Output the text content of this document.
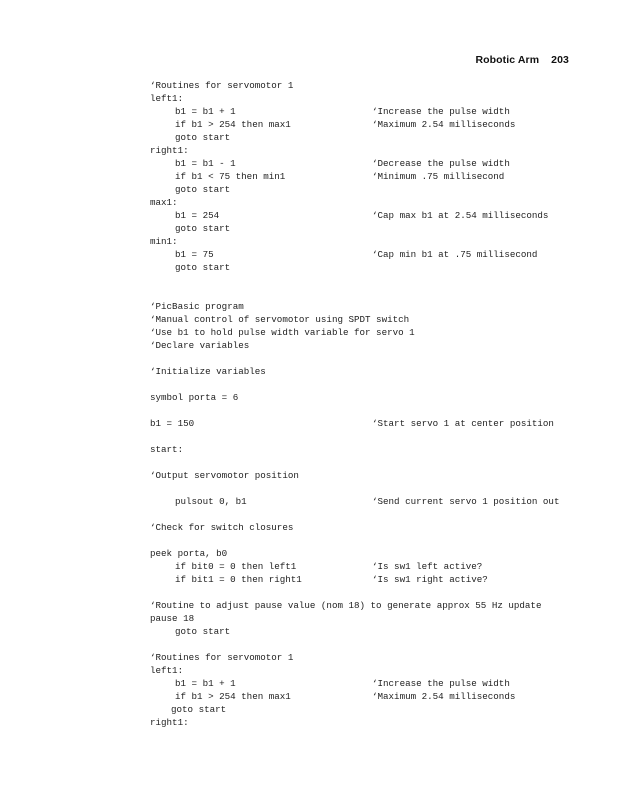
Robotic Arm 203
‘Routines for servomotor 1
left1:
b1 = b1 + 1	‘Increase the pulse width
if b1 > 254 then max1	‘Maximum 2.54 milliseconds
goto start
right1:
b1 = b1 - 1	‘Decrease the pulse width
if b1 < 75 then min1	‘Minimum .75 millisecond
goto start
max1:
b1 = 254	‘Cap max b1 at 2.54 milliseconds
goto start
min1:
b1 = 75	‘Cap min b1 at .75 millisecond
goto start
‘PicBasic program
‘Manual control of servomotor using SPDT switch
‘Use b1 to hold pulse width variable for servo 1
‘Declare variables
‘Initialize variables
symbol porta = 6
b1 = 150	‘Start servo 1 at center position
start:
‘Output servomotor position
pulsout 0, b1	‘Send current servo 1 position out
‘Check for switch closures
peek porta, b0
if bit0 = 0 then left1	‘Is sw1 left active?
if bit1 = 0 then right1	‘Is sw1 right active?
‘Routine to adjust pause value (nom 18) to generate approx 55 Hz update
pause 18
goto start
‘Routines for servomotor 1
left1:
b1 = b1 + 1	‘Increase the pulse width
if b1 > 254 then max1	‘Maximum 2.54 milliseconds
goto start
right1:
